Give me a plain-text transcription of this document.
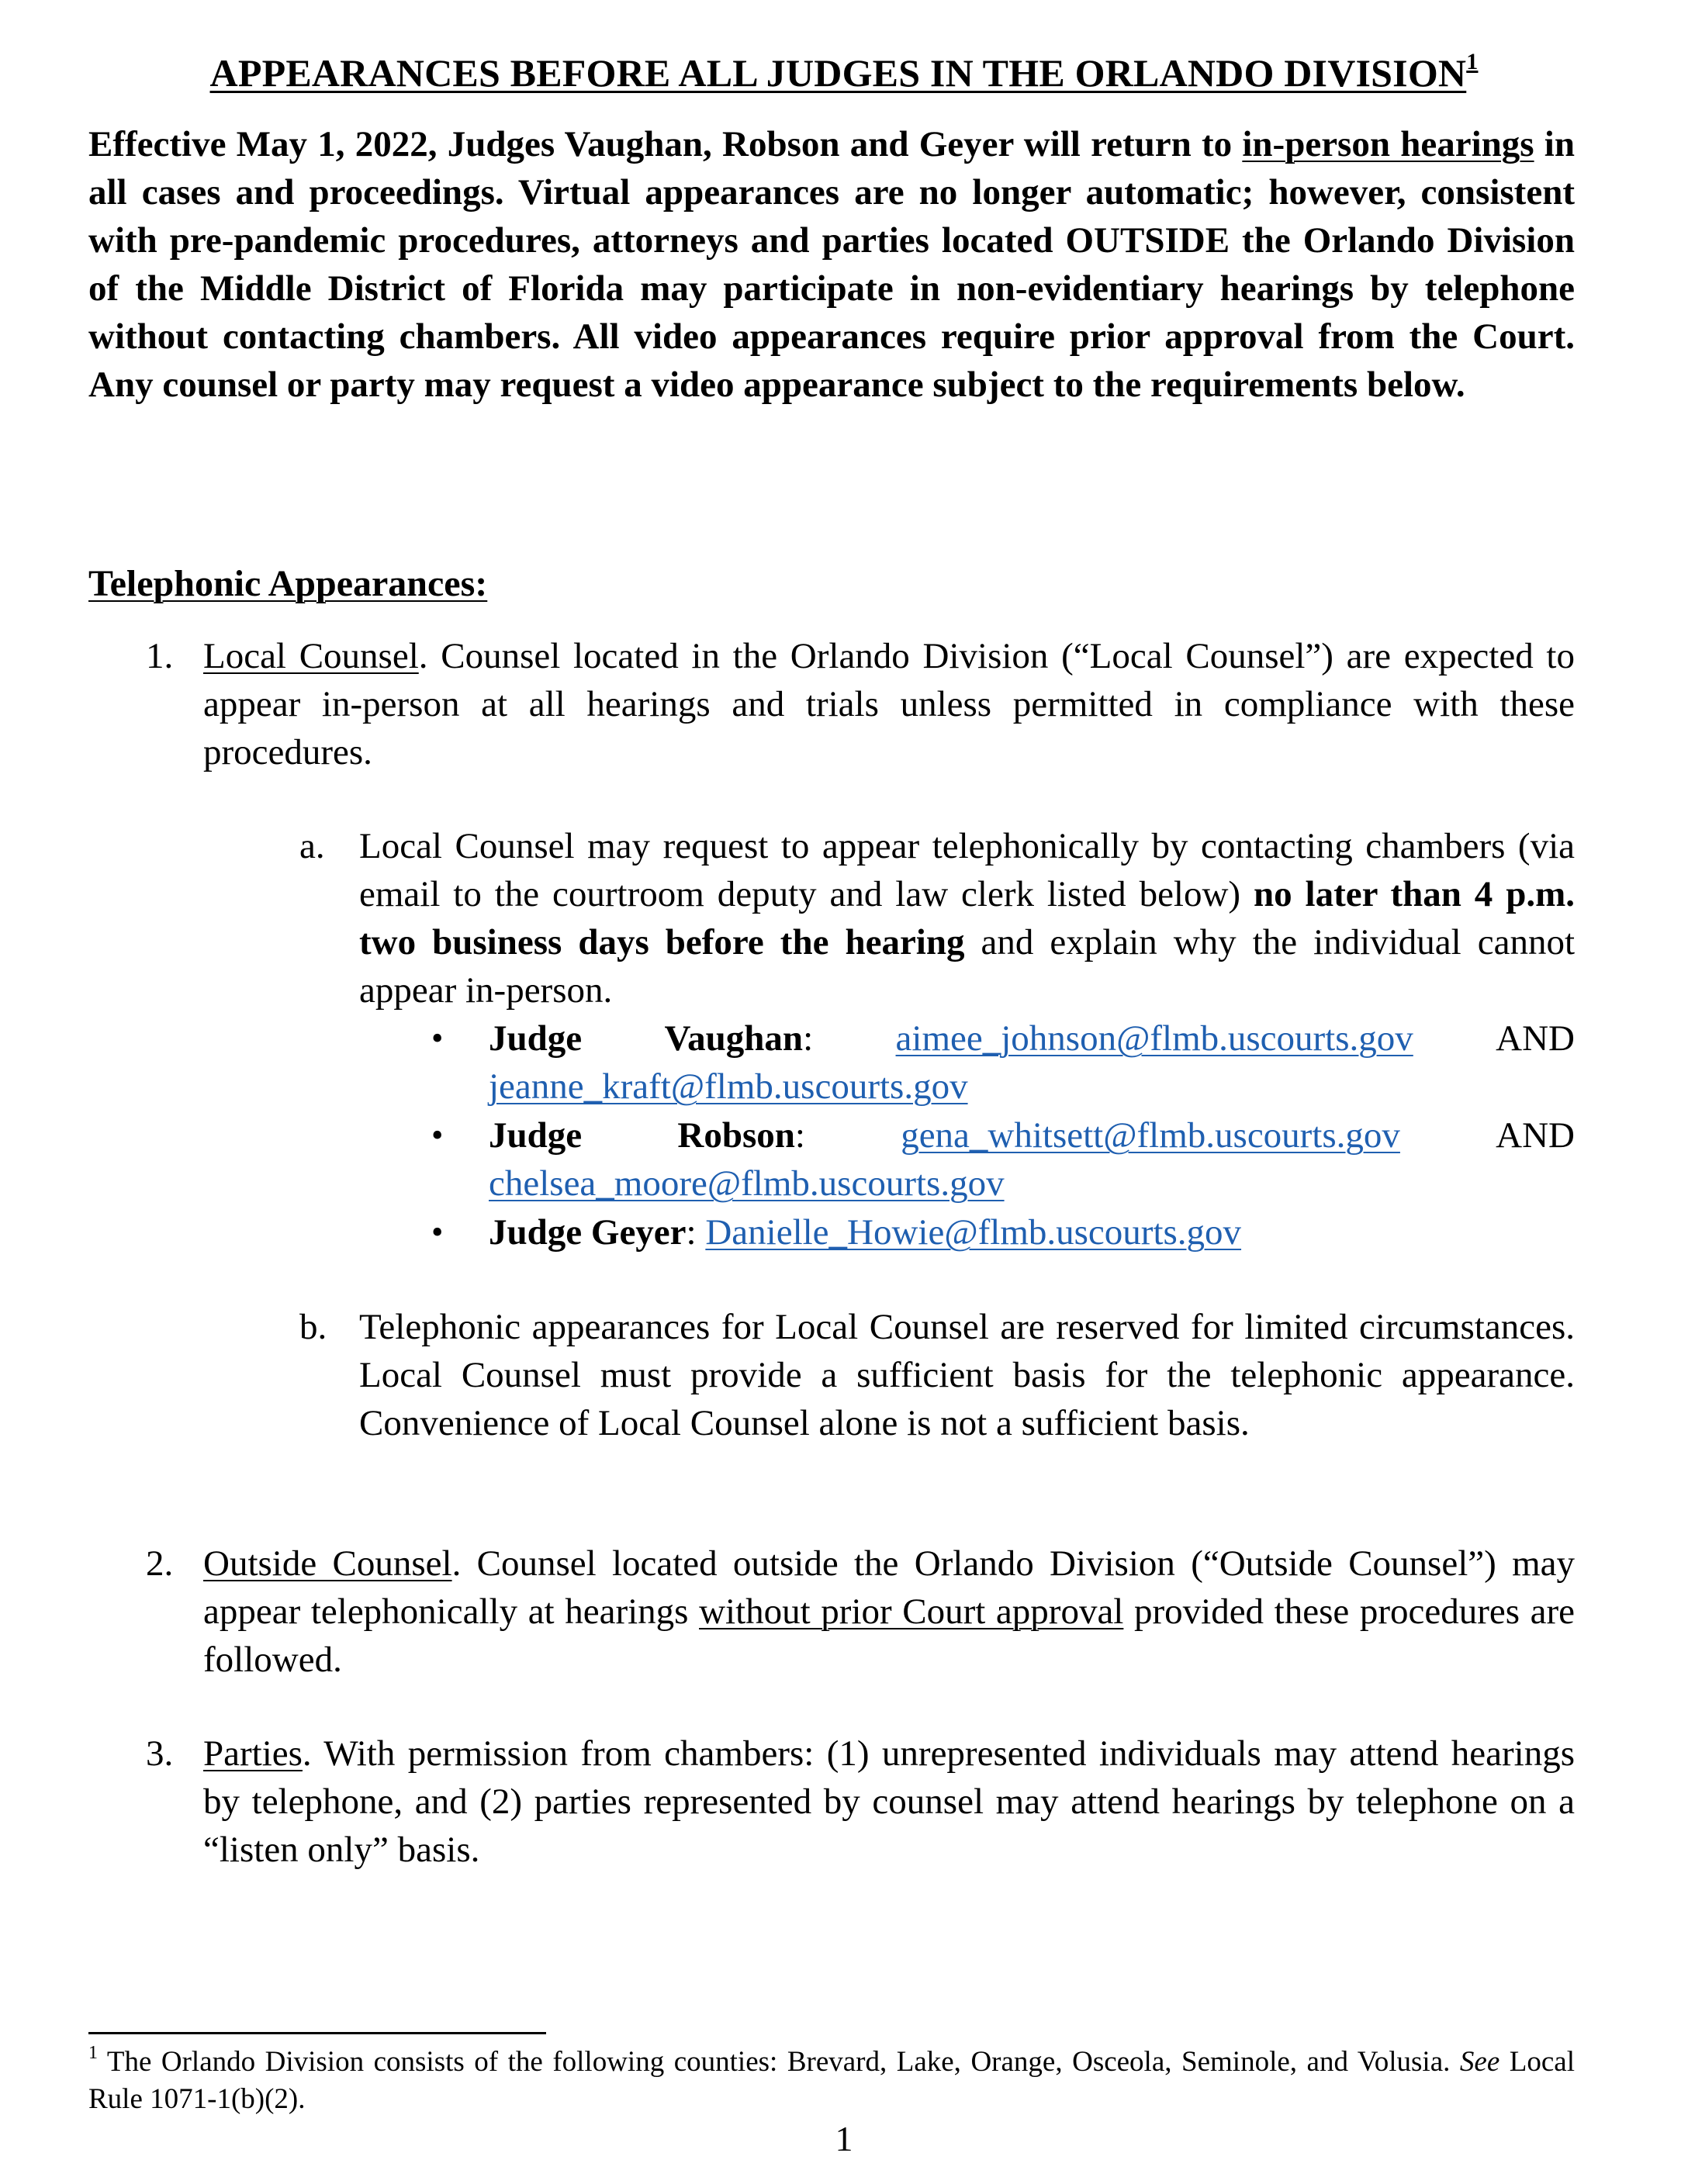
APPEARANCES BEFORE ALL JUDGES IN THE ORLANDO DIVISION$^1$
Effective May 1, 2022, Judges Vaughan, Robson and Geyer will return to in-person hearings in all cases and proceedings. Virtual appearances are no longer automatic; however, consistent with pre-pandemic procedures, attorneys and parties located OUTSIDE the Orlando Division of the Middle District of Florida may participate in non-evidentiary hearings by telephone without contacting chambers. All video appearances require prior approval from the Court. Any counsel or party may request a video appearance subject to the requirements below.
Telephonic Appearances:
1. Local Counsel. Counsel located in the Orlando Division (“Local Counsel”) are expected to appear in-person at all hearings and trials unless permitted in compliance with these procedures.
a. Local Counsel may request to appear telephonically by contacting chambers (via email to the courtroom deputy and law clerk listed below) no later than 4 p.m. two business days before the hearing and explain why the individual cannot appear in-person.
• Judge Vaughan: aimee_johnson@flmb.uscourts.gov AND
jeanne_kraft@flmb.uscourts.gov
• Judge	Robson:	gena_whitsett@flmb.uscourts.gov	AND
chelsea_moore@flmb.uscourts.gov
• Judge Geyer: Danielle_Howie@flmb.uscourts.gov
b. Telephonic appearances for Local Counsel are reserved for limited circumstances. Local Counsel must provide a sufficient basis for the telephonic appearance. Convenience of Local Counsel alone is not a sufficient basis.
2. Outside Counsel. Counsel located outside the Orlando Division (“Outside Counsel”) may appear telephonically at hearings without prior Court approval provided these procedures are followed.
3. Parties. With permission from chambers: (1) unrepresented individuals may attend hearings by telephone, and (2) parties represented by counsel may attend hearings by telephone on a “listen only” basis.
$^1$ The Orlando Division consists of the following counties: Brevard, Lake, Orange, Osceola, Seminole, and Volusia. See Local Rule 1071-1(b)(2).
1
